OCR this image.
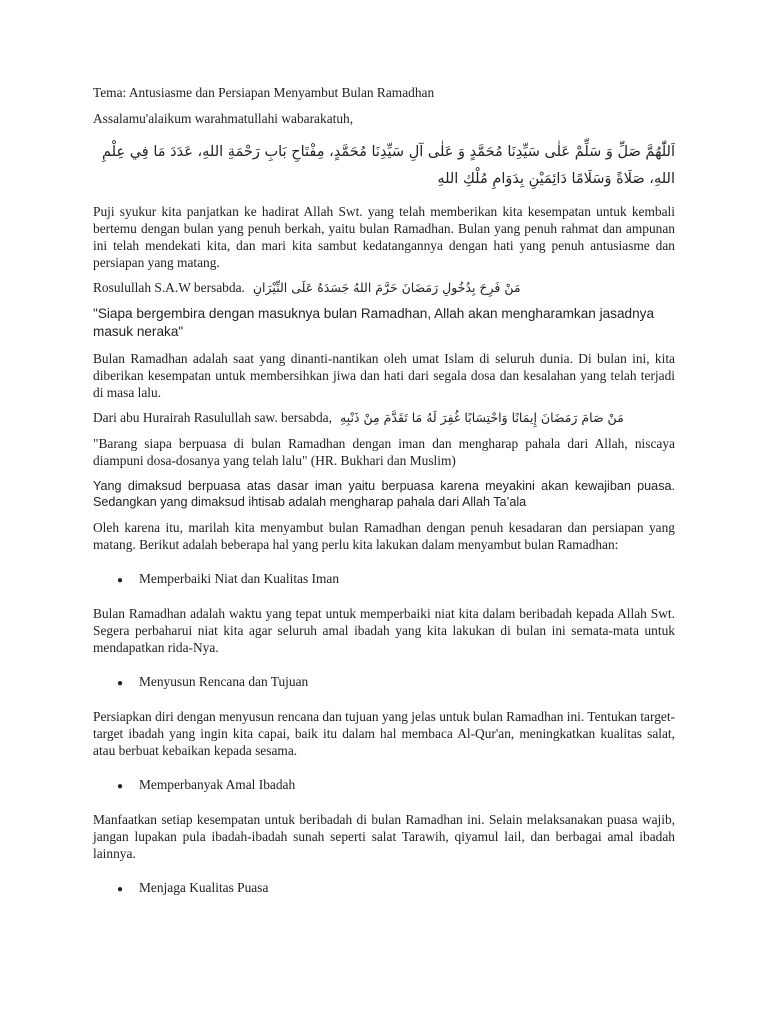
Tema: Antusiasme dan Persiapan Menyambut Bulan Ramadhan

Assalamu'alaikum warahmatullahi wabarakatuh,

اَللّٰهُمَّ صَلِّ وَ سَلِّمْ عَلٰى سَيِّدِنَا مُحَمَّدٍ وَ عَلٰى آلِ سَيِّدِنَا مُحَمَّدٍ، مِفْتَاحِ بَابِ رَحْمَةِ اللهِ، عَدَدَ مَا فِي عِلْمِ اللهِ، صَلَاةً وَسَلَامًا دَائِمَيْنِ بِدَوَامِ مُلْكِ اللهِ

Puji syukur kita panjatkan ke hadirat Allah Swt. yang telah memberikan kita kesempatan untuk kembali bertemu dengan bulan yang penuh berkah, yaitu bulan Ramadhan. Bulan yang penuh rahmat dan ampunan ini telah mendekati kita, dan mari kita sambut kedatangannya dengan hati yang penuh antusiasme dan persiapan yang matang.

Rosulullah S.A.W bersabda. مَنْ فَرِحَ بِدُخُولِ رَمَضَانَ حَرَّمَ اللهُ جَسَدَهُ عَلَى النِّيْرَانِ

"Siapa bergembira dengan masuknya bulan Ramadhan, Allah akan mengharamkan jasadnya masuk neraka"

Bulan Ramadhan adalah saat yang dinanti-nantikan oleh umat Islam di seluruh dunia. Di bulan ini, kita diberikan kesempatan untuk membersihkan jiwa dan hati dari segala dosa dan kesalahan yang telah terjadi di masa lalu.

Dari abu Hurairah Rasulullah saw. bersabda, مَنْ صَامَ رَمَضَانَ إِيمَانًا وَاحْتِسَابًا غُفِرَ لَهُ مَا تَقَدَّمَ مِنْ ذَنْبِهِ

"Barang siapa berpuasa di bulan Ramadhan dengan iman dan mengharap pahala dari Allah, niscaya diampuni dosa-dosanya yang telah lalu" (HR. Bukhari dan Muslim)

Yang dimaksud berpuasa atas dasar iman yaitu berpuasa karena meyakini akan kewajiban puasa. Sedangkan yang dimaksud ihtisab adalah mengharap pahala dari Allah Ta’ala

Oleh karena itu, marilah kita menyambut bulan Ramadhan dengan penuh kesadaran dan persiapan yang matang. Berikut adalah beberapa hal yang perlu kita lakukan dalam menyambut bulan Ramadhan:

●	Memperbaiki Niat dan Kualitas Iman

Bulan Ramadhan adalah waktu yang tepat untuk memperbaiki niat kita dalam beribadah kepada Allah Swt. Segera perbaharui niat kita agar seluruh amal ibadah yang kita lakukan di bulan ini semata-mata untuk mendapatkan rida-Nya.

●	Menyusun Rencana dan Tujuan

Persiapkan diri dengan menyusun rencana dan tujuan yang jelas untuk bulan Ramadhan ini. Tentukan target-target ibadah yang ingin kita capai, baik itu dalam hal membaca Al-Qur'an, meningkatkan kualitas salat, atau berbuat kebaikan kepada sesama.

●	Memperbanyak Amal Ibadah

Manfaatkan setiap kesempatan untuk beribadah di bulan Ramadhan ini. Selain melaksanakan puasa wajib, jangan lupakan pula ibadah-ibadah sunah seperti salat Tarawih, qiyamul lail, dan berbagai amal ibadah lainnya.

●	Menjaga Kualitas Puasa
